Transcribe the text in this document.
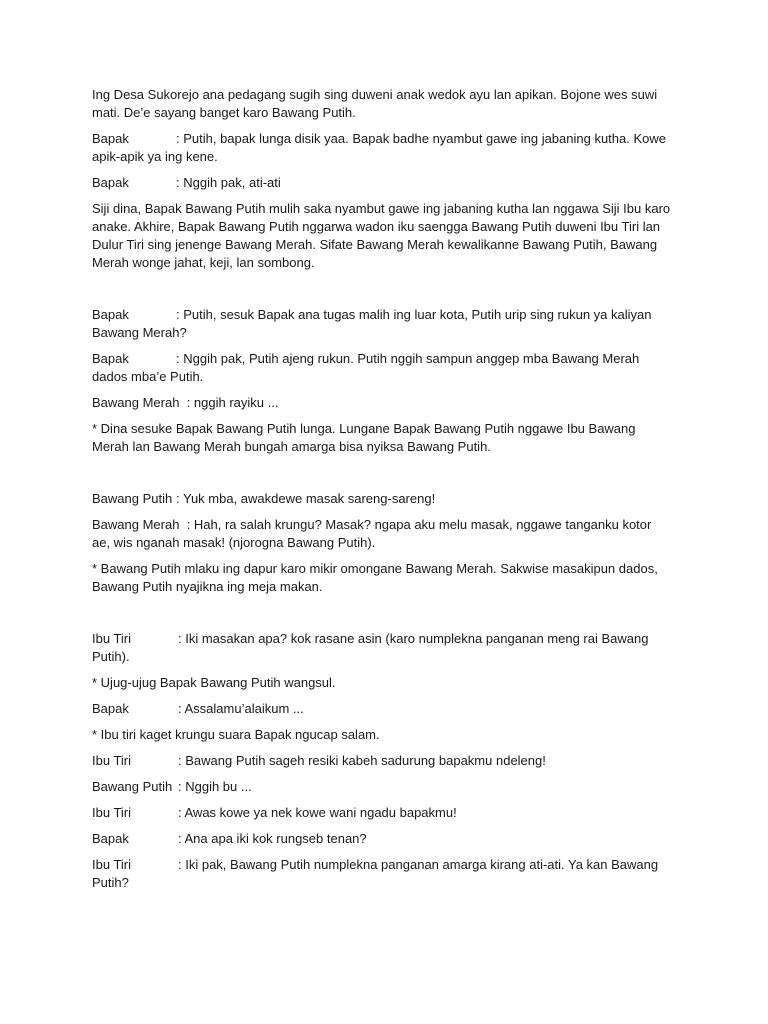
Ing Desa Sukorejo ana pedagang sugih sing duweni anak wedok ayu lan apikan. Bojone wes suwi mati. De’e sayang banget karo Bawang Putih.

Bapak	: Putih, bapak lunga disik yaa. Bapak badhe nyambut gawe ing jabaning kutha. Kowe apik-apik ya ing kene.

Bapak	: Nggih pak, ati-ati

Siji dina, Bapak Bawang Putih mulih saka nyambut gawe ing jabaning kutha lan nggawa Siji Ibu karo anake. Akhire, Bapak Bawang Putih nggarwa wadon iku saengga Bawang Putih duweni Ibu Tiri lan Dulur Tiri sing jenenge Bawang Merah. Sifate Bawang Merah kewalikanne Bawang Putih, Bawang Merah wonge jahat, keji, lan sombong.

Bapak	: Putih, sesuk Bapak ana tugas malih ing luar kota, Putih urip sing rukun ya kaliyan Bawang Merah?

Bapak	: Nggih pak, Putih ajeng rukun. Putih nggih sampun anggep mba Bawang Merah dados mba’e Putih.

Bawang Merah : nggih rayiku ...

* Dina sesuke Bapak Bawang Putih lunga. Lungane Bapak Bawang Putih nggawe Ibu Bawang Merah lan Bawang Merah bungah amarga bisa nyiksa Bawang Putih.

Bawang Putih : Yuk mba, awakdewe masak sareng-sareng!

Bawang Merah : Hah, ra salah krungu? Masak? ngapa aku melu masak, nggawe tanganku kotor ae, wis nganah masak! (njorogna Bawang Putih).

* Bawang Putih mlaku ing dapur karo mikir omongane Bawang Merah. Sakwise masakipun dados, Bawang Putih nyajikna ing meja makan.

Ibu Tiri	: Iki masakan apa? kok rasane asin (karo numplekna panganan meng rai Bawang Putih).

* Ujug-ujug Bapak Bawang Putih wangsul.

Bapak	: Assalamu’alaikum ...

* Ibu tiri kaget krungu suara Bapak ngucap salam.

Ibu Tiri	: Bawang Putih sageh resiki kabeh sadurung bapakmu ndeleng!

Bawang Putih : Nggih bu ...

Ibu Tiri	: Awas kowe ya nek kowe wani ngadu bapakmu!

Bapak	: Ana apa iki kok rungseb tenan?

Ibu Tiri	: Iki pak, Bawang Putih numplekna panganan amarga kirang ati-ati. Ya kan Bawang Putih?
